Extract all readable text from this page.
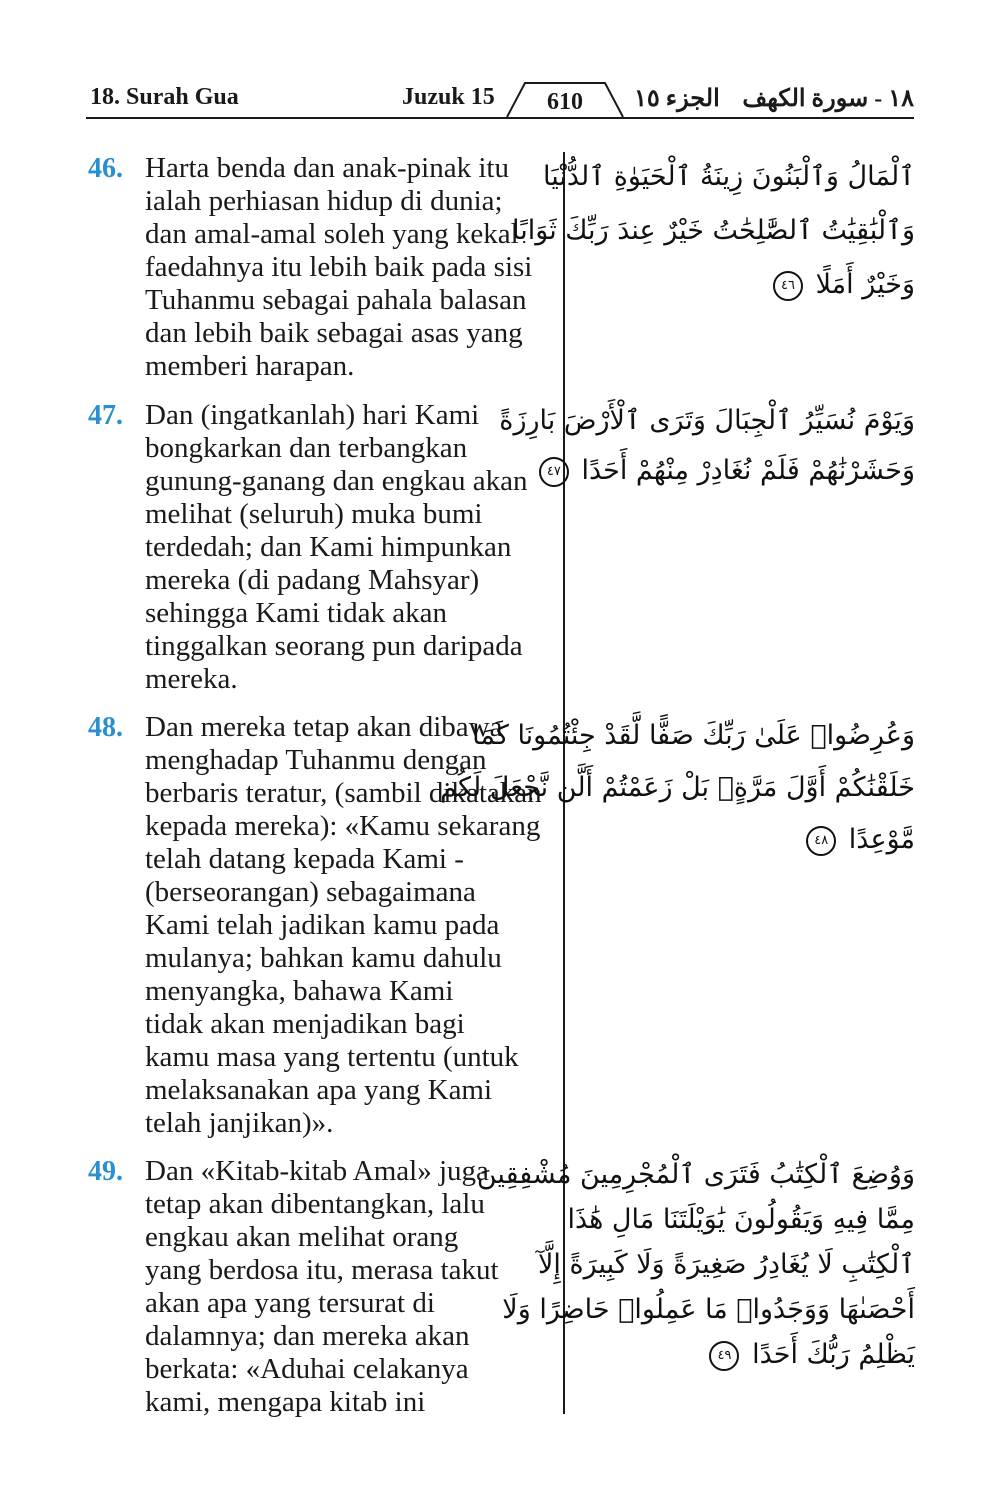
18. Surah Gua	Juzuk 15	610	الجزء ١٥ ١٨ - سورة الكهف
46. Harta benda dan anak-pinak itu
ialah perhiasan hidup di dunia;
dan amal-amal soleh yang kekal
faedahnya itu lebih baik pada sisi
Tuhanmu sebagai pahala balasan
dan lebih baik sebagai asas yang
memberi harapan.
ٱلْمَالُ وَٱلْبَنُونَ زِينَةُ ٱلْحَيَوٰةِ ٱلدُّنْيَا
وَٱلْبَٰقِيَٰتُ ٱلصَّٰلِحَٰتُ خَيْرٌ عِندَ رَبِّكَ ثَوَابًا
وَخَيْرٌ أَمَلًا ٤٦
47. Dan (ingatkanlah) hari Kami
bongkarkan dan terbangkan
gunung-ganang dan engkau akan
melihat (seluruh) muka bumi
terdedah; dan Kami himpunkan
mereka (di padang Mahsyar)
sehingga Kami tidak akan
tinggalkan seorang pun daripada
mereka.
وَيَوْمَ نُسَيِّرُ ٱلْجِبَالَ وَتَرَى ٱلْأَرْضَ بَارِزَةً
وَحَشَرْنَٰهُمْ فَلَمْ نُغَادِرْ مِنْهُمْ أَحَدًا ٤٧
48. Dan mereka tetap akan dibawa
menghadap Tuhanmu dengan
berbaris teratur, (sambil dikatakan
kepada mereka): «Kamu sekarang
telah datang kepada Kami -
(berseorangan) sebagaimana
Kami telah jadikan kamu pada
mulanya; bahkan kamu dahulu
menyangka, bahawa Kami
tidak akan menjadikan bagi
kamu masa yang tertentu (untuk
melaksanakan apa yang Kami
telah janjikan)».
وَعُرِضُوا۟ عَلَىٰ رَبِّكَ صَفًّا لَّقَدْ جِئْتُمُونَا كَمَا
خَلَقْنَٰكُمْ أَوَّلَ مَرَّةٍۭ بَلْ زَعَمْتُمْ أَلَّن نَّجْعَلَ لَكُم
مَّوْعِدًا ٤٨
49. Dan «Kitab-kitab Amal» juga
tetap akan dibentangkan, lalu
engkau akan melihat orang
yang berdosa itu, merasa takut
akan apa yang tersurat di
dalamnya; dan mereka akan
berkata: «Aduhai celakanya
kami, mengapa kitab ini
وَوُضِعَ ٱلْكِتَٰبُ فَتَرَى ٱلْمُجْرِمِينَ مُشْفِقِينَ
مِمَّا فِيهِ وَيَقُولُونَ يَٰوَيْلَتَنَا مَالِ هَٰذَا
ٱلْكِتَٰبِ لَا يُغَادِرُ صَغِيرَةً وَلَا كَبِيرَةً إِلَّآ
أَحْصَىٰهَا وَوَجَدُوا۟ مَا عَمِلُوا۟ حَاضِرًا وَلَا
يَظْلِمُ رَبُّكَ أَحَدًا ٤٩
